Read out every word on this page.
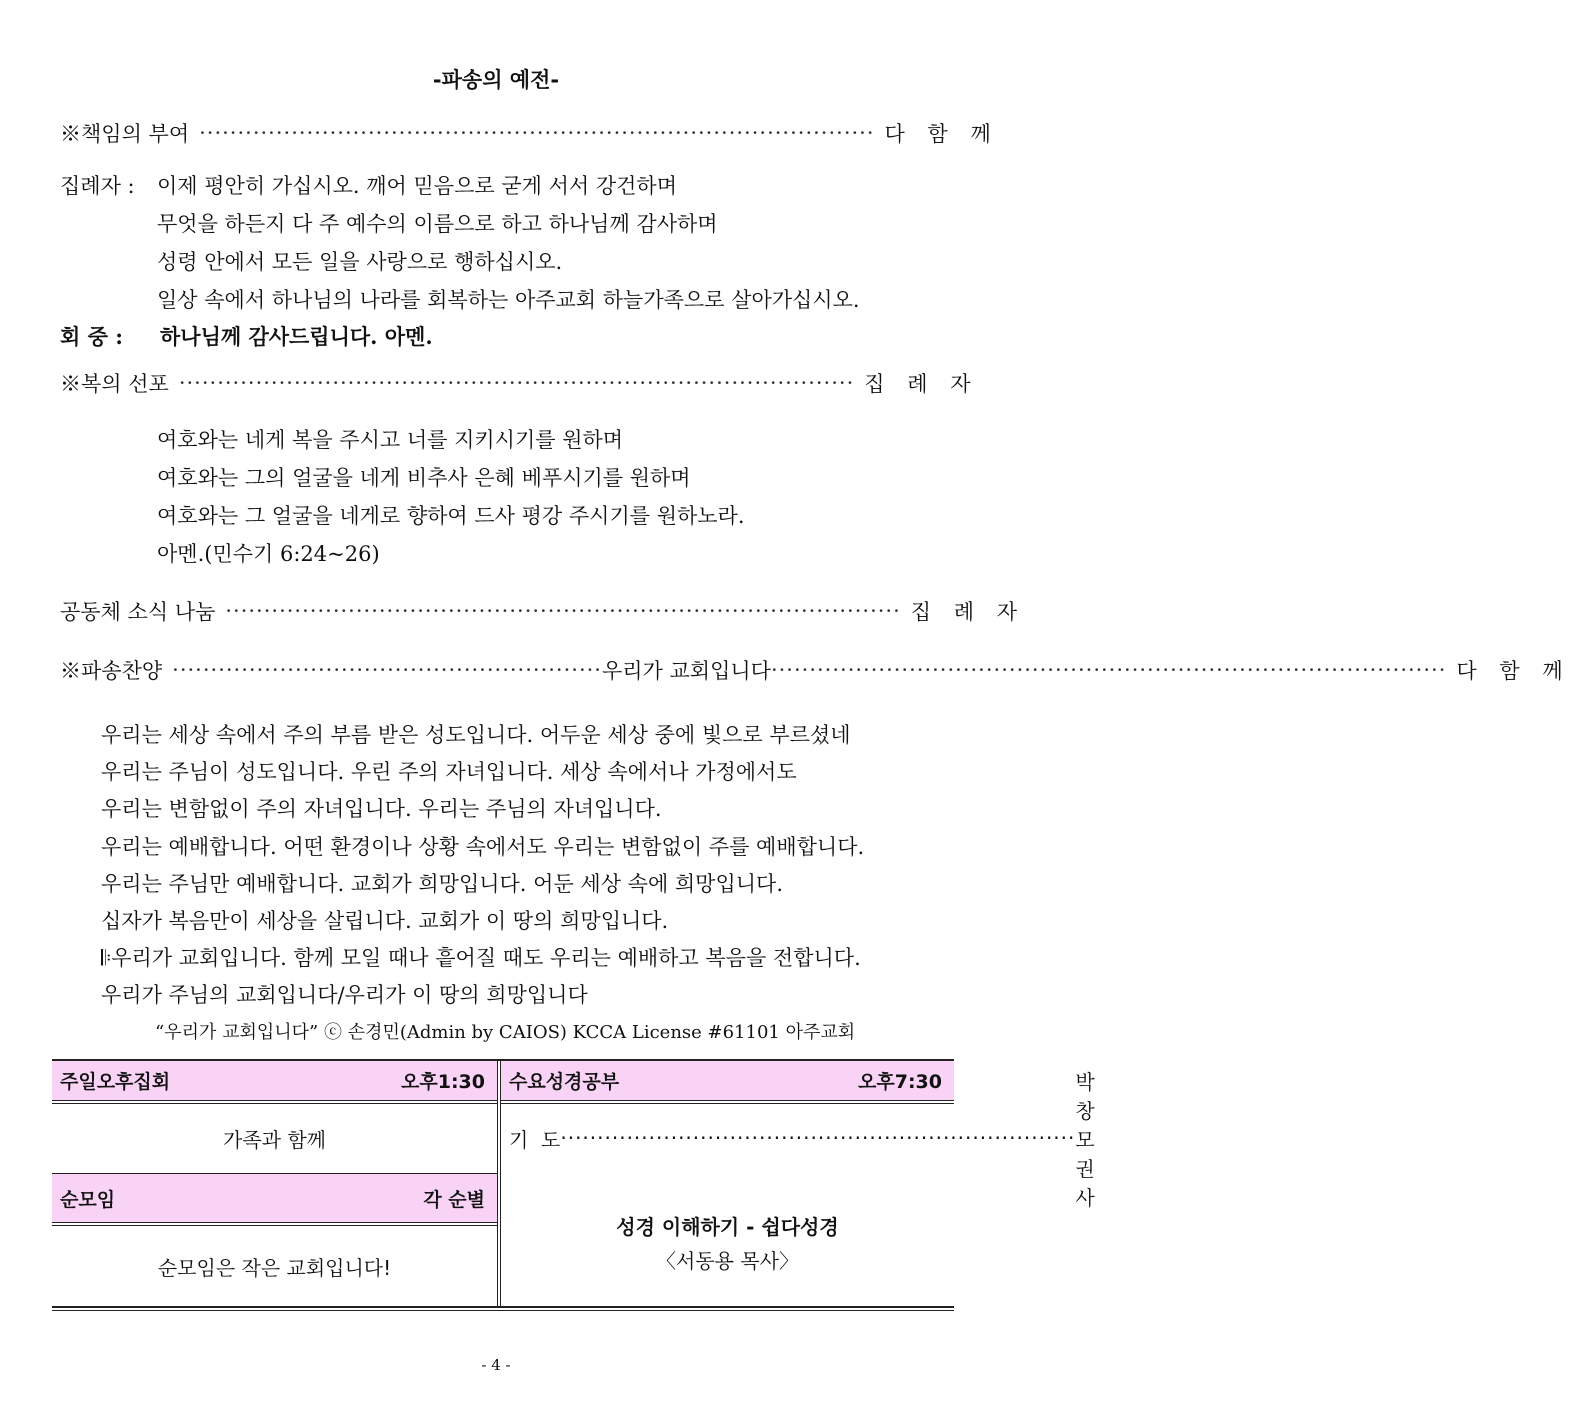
-파송의 예전-
※책임의 부여 ························································································ 다 함 께
집례자 : 이제 평안히 가십시오. 깨어 믿음으로 굳게 서서 강건하며
무엇을 하든지 다 주 예수의 이름으로 하고 하나님께 감사하며
성령 안에서 모든 일을 사랑으로 행하십시오.
일상 속에서 하나님의 나라를 회복하는 아주교회 하늘가족으로 살아가십시오.
회 중 : 하나님께 감사드립니다. 아멘.
※복의 선포 ························································································ 집 례 자
여호와는 네게 복을 주시고 너를 지키시기를 원하며
여호와는 그의 얼굴을 네게 비추사 은혜 베푸시기를 원하며
여호와는 그 얼굴을 네게로 향하여 드사 평강 주시기를 원하노라.
아멘.(민수기 6:24~26)
공동체 소식 나눔 ························································································ 집 례 자
※파송찬양 ························································ 우리가 교회입니다 ························································································ 다 함 께
우리는 세상 속에서 주의 부름 받은 성도입니다. 어두운 세상 중에 빛으로 부르셨네
우리는 주님이 성도입니다. 우린 주의 자녀입니다. 세상 속에서나 가정에서도
우리는 변함없이 주의 자녀입니다. 우리는 주님의 자녀입니다.
우리는 예배합니다. 어떤 환경이나 상황 속에서도 우리는 변함없이 주를 예배합니다.
우리는 주님만 예배합니다. 교회가 희망입니다. 어둔 세상 속에 희망입니다.
십자가 복음만이 세상을 살립니다. 교회가 이 땅의 희망입니다.
𝄆우리가 교회입니다. 함께 모일 때나 흩어질 때도 우리는 예배하고 복음을 전합니다.
우리가 주님의 교회입니다/우리가 이 땅의 희망입니다
“우리가 교회입니다” ⓒ 손경민(Admin by CAIOS) KCCA License #61101 아주교회
주일오후집회	오후1:30
가족과 함께
순모임	각 순별
순모임은 작은 교회입니다!
수요성경공부	오후7:30
기  도 ······································································
박창모 권사
성경 이해하기 - 쉽다성경
〈서동용 목사〉
- 4 -
